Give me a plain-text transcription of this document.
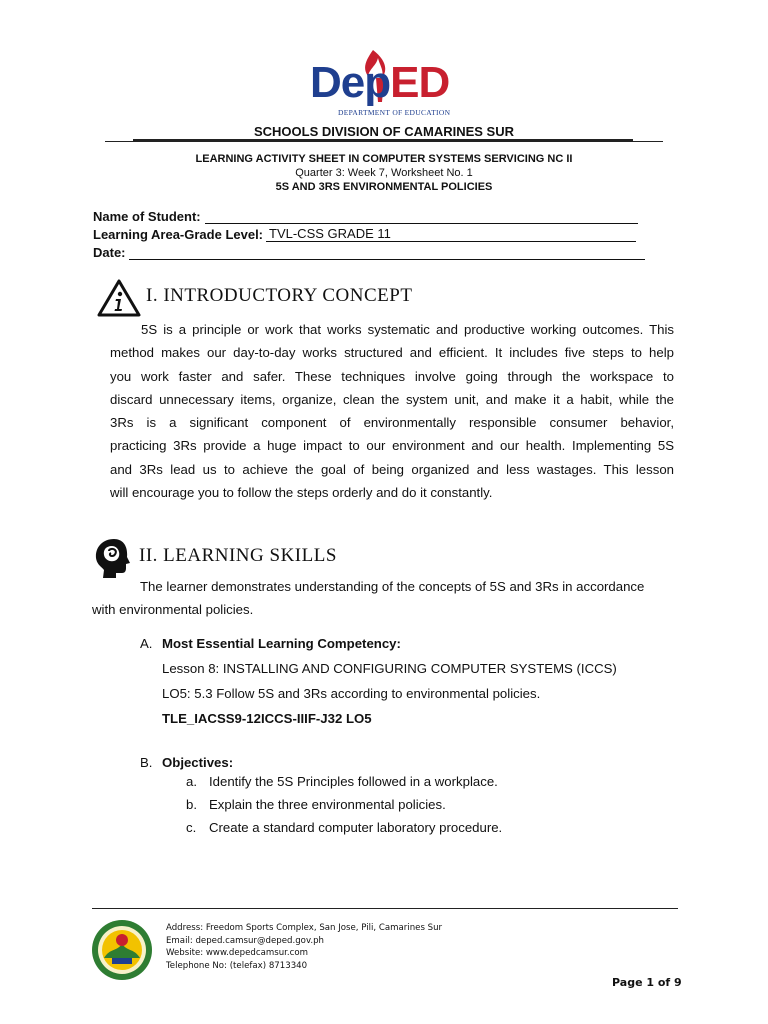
DepED
DEPARTMENT OF EDUCATION
SCHOOLS DIVISION OF CAMARINES SUR
LEARNING ACTIVITY SHEET IN COMPUTER SYSTEMS SERVICING NC II
Quarter 3: Week 7, Worksheet No. 1
5S AND 3RS ENVIRONMENTAL POLICIES
Name of Student:
Learning Area-Grade Level: TVL-CSS GRADE 11
Date:
I. INTRODUCTORY CONCEPT
5S is a principle or work that works systematic and productive working outcomes. This
method makes our day-to-day works structured and efficient. It includes five steps to help
you work faster and safer. These techniques involve going through the workspace to
discard unnecessary items, organize, clean the system unit, and make it a habit, while the
3Rs is a significant component of environmentally responsible consumer behavior,
practicing 3Rs provide a huge impact to our environment and our health. Implementing 5S
and 3Rs lead us to achieve the goal of being organized and less wastages. This lesson
will encourage you to follow the steps orderly and do it constantly.
II. LEARNING SKILLS
The learner demonstrates understanding of the concepts of 5S and 3Rs in accordance
with environmental policies.
A. Most Essential Learning Competency:
Lesson 8: INSTALLING AND CONFIGURING COMPUTER SYSTEMS (ICCS)
LO5: 5.3 Follow 5S and 3Rs according to environmental policies.
TLE_IACSS9-12ICCS-IIIF-J32 LO5
B. Objectives:
a. Identify the 5S Principles followed in a workplace.
b. Explain the three environmental policies.
c. Create a standard computer laboratory procedure.
Address: Freedom Sports Complex, San Jose, Pili, Camarines Sur
Email: deped.camsur@deped.gov.ph
Website: www.depedcamsur.com
Telephone No: (telefax) 8713340
Page 1 of 9
